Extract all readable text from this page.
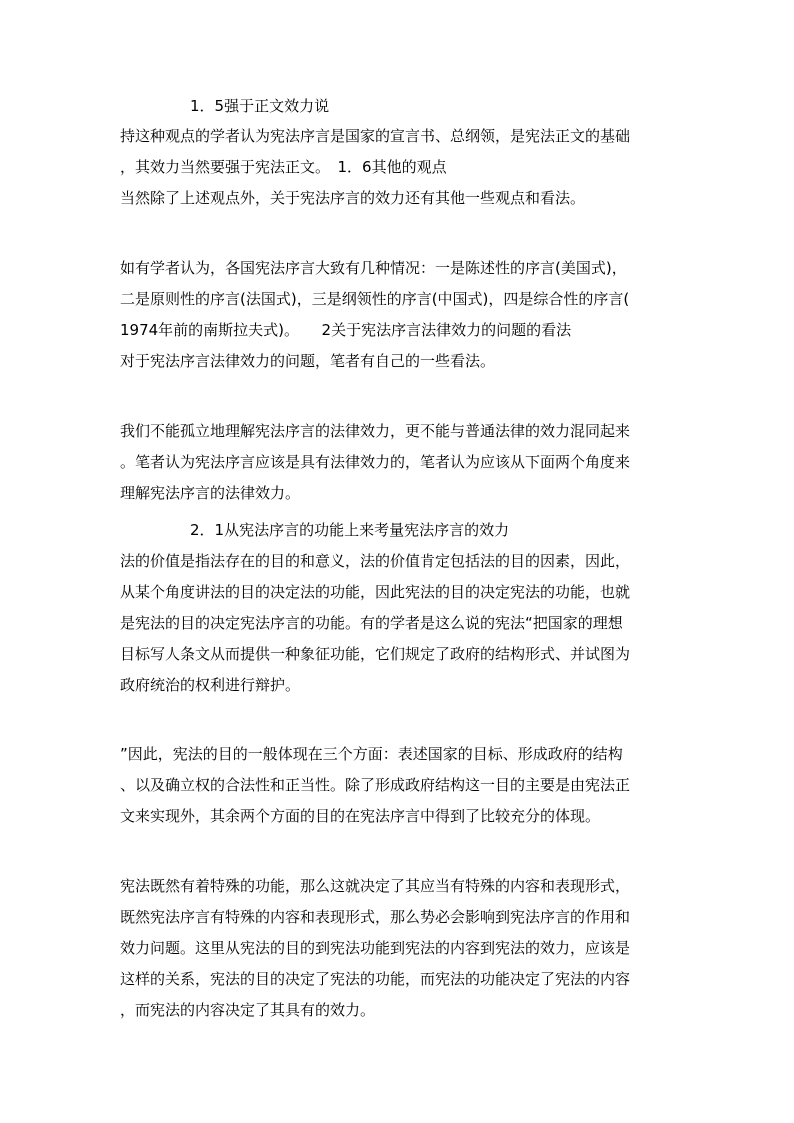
1．5强于正文效力说
持这种观点的学者认为宪法序言是国家的宣言书、总纲领，是宪法正文的基础
，其效力当然要强于宪法正文。　1．6其他的观点
当然除了上述观点外，关于宪法序言的效力还有其他一些观点和看法。
如有学者认为，各国宪法序言大致有几种情况：一是陈述性的序言(美国式)，
二是原则性的序言(法国式)，三是纲领性的序言(中国式)，四是综合性的序言(
1974年前的南斯拉夫式)。　　2关于宪法序言法律效力的问题的看法
对于宪法序言法律效力的问题，笔者有自己的一些看法。
我们不能孤立地理解宪法序言的法律效力，更不能与普通法律的效力混同起来
。笔者认为宪法序言应该是具有法律效力的，笔者认为应该从下面两个角度来
理解宪法序言的法律效力。
2．1从宪法序言的功能上来考量宪法序言的效力
法的价值是指法存在的目的和意义，法的价值肯定包括法的目的因素，因此，
从某个角度讲法的目的决定法的功能，因此宪法的目的决定宪法的功能，也就
是宪法的目的决定宪法序言的功能。有的学者是这么说的宪法“把国家的理想
目标写人条文从而提供一种象征功能，它们规定了政府的结构形式、并试图为
政府统治的权利进行辩护。
”因此，宪法的目的一般体现在三个方面：表述国家的目标、形成政府的结构
、以及确立权的合法性和正当性。除了形成政府结构这一目的主要是由宪法正
文来实现外，其余两个方面的目的在宪法序言中得到了比较充分的体现。
宪法既然有着特殊的功能，那么这就决定了其应当有特殊的内容和表现形式，
既然宪法序言有特殊的内容和表现形式，那么势必会影响到宪法序言的作用和
效力问题。这里从宪法的目的到宪法功能到宪法的内容到宪法的效力，应该是
这样的关系，宪法的目的决定了宪法的功能，而宪法的功能决定了宪法的内容
，而宪法的内容决定了其具有的效力。
